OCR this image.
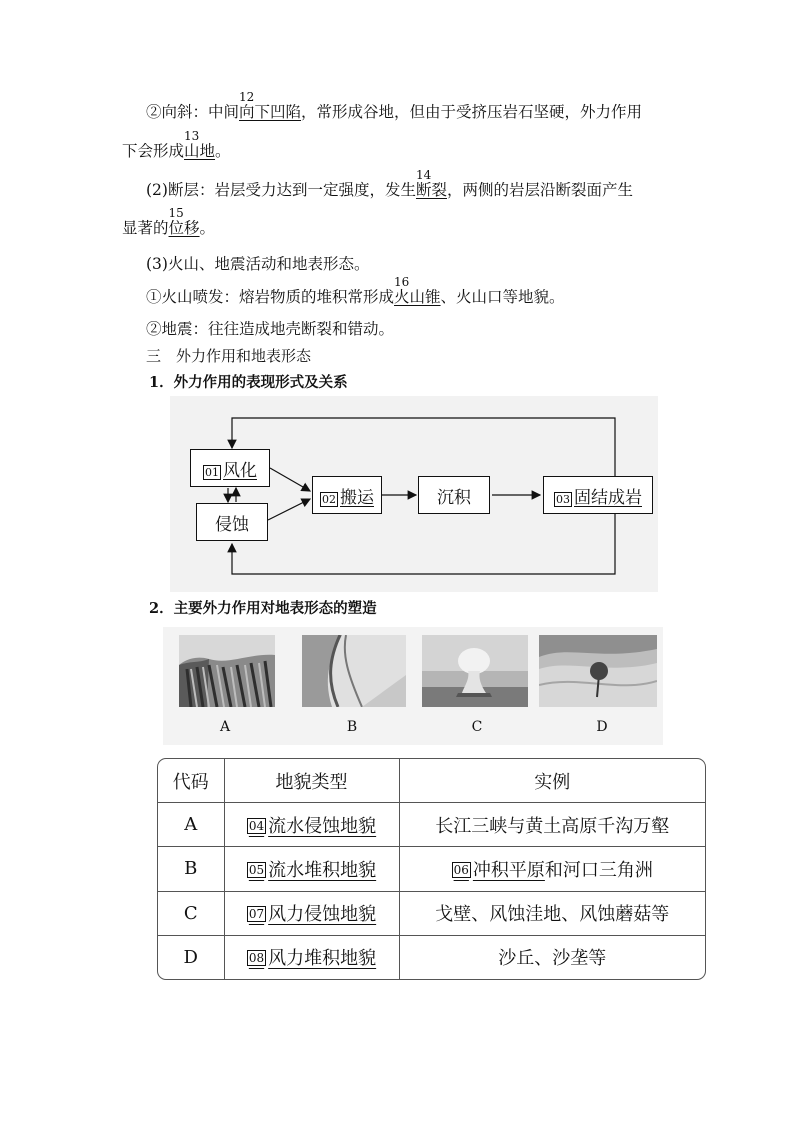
②向斜：中间
12
向下凹陷，常形成谷地，但由于受挤压岩石坚硬，外力作用
下会形成
13
山地。
(2)断层：岩层受力达到一定强度，发生
14
断裂，两侧的岩层沿断裂面产生
显著的
15
位移。
(3)火山、地震活动和地表形态。
①火山喷发：熔岩物质的堆积常形成
16
火山锥、火山口等地貌。
②地震：往往造成地壳断裂和错动。
三　外力作用和地表形态
1．外力作用的表现形式及关系
01 风化
侵蚀
02 搬运	沉积	03 固结成岩
2．主要外力作用对地表形态的塑造
A	B	C	D
代码	地貌类型	实例
A	04 流水侵蚀地貌	长江三峡与黄土高原千沟万壑
B	05 流水堆积地貌	06 冲积平原和河口三角洲
C	07 风力侵蚀地貌	戈壁、风蚀洼地、风蚀蘑菇等
D	08 风力堆积地貌	沙丘、沙垄等
